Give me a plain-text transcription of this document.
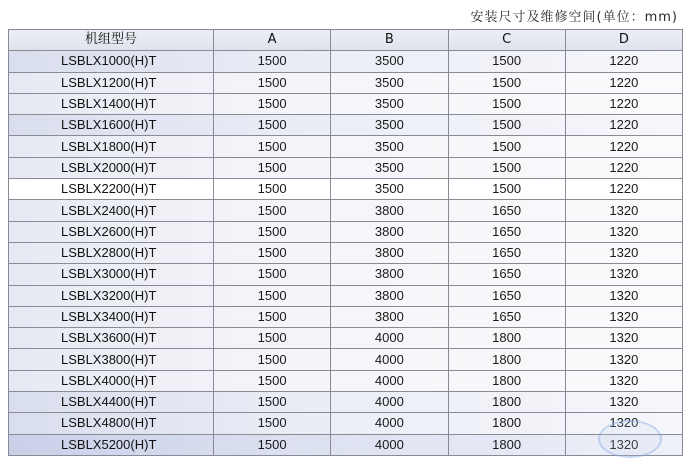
安装尺寸及维修空间(单位：mm)
机组型号	A	B	C	D
LSBLX1000(H)T	1500	3500	1500	1220
LSBLX1200(H)T	1500	3500	1500	1220
LSBLX1400(H)T	1500	3500	1500	1220
LSBLX1600(H)T	1500	3500	1500	1220
LSBLX1800(H)T	1500	3500	1500	1220
LSBLX2000(H)T	1500	3500	1500	1220
LSBLX2200(H)T	1500	3500	1500	1220
LSBLX2400(H)T	1500	3800	1650	1320
LSBLX2600(H)T	1500	3800	1650	1320
LSBLX2800(H)T	1500	3800	1650	1320
LSBLX3000(H)T	1500	3800	1650	1320
LSBLX3200(H)T	1500	3800	1650	1320
LSBLX3400(H)T	1500	3800	1650	1320
LSBLX3600(H)T	1500	4000	1800	1320
LSBLX3800(H)T	1500	4000	1800	1320
LSBLX4000(H)T	1500	4000	1800	1320
LSBLX4400(H)T	1500	4000	1800	1320
LSBLX4800(H)T	1500	4000	1800	1320
LSBLX5200(H)T	1500	4000	1800	1320
